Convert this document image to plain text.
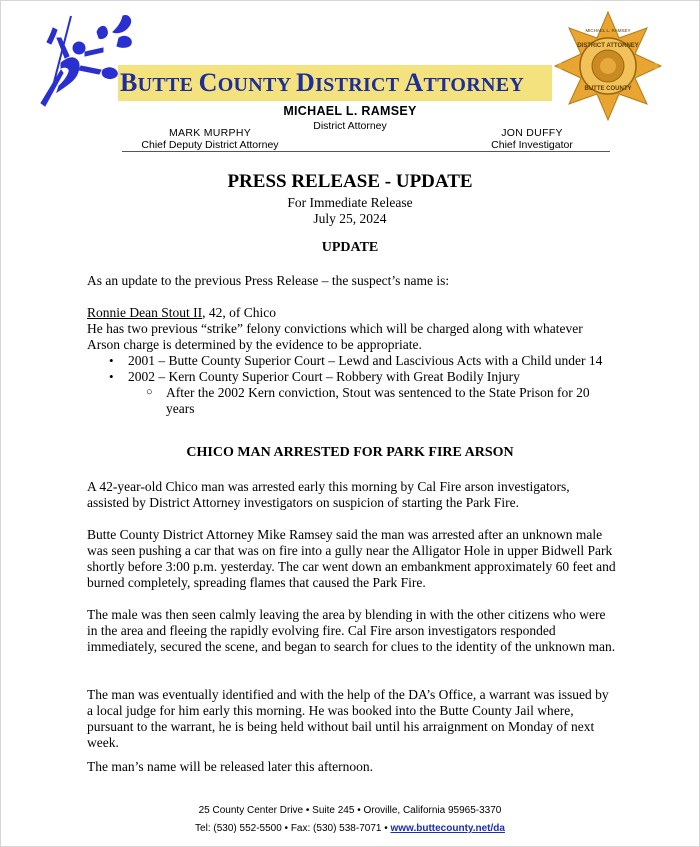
BUTTE COUNTY DISTRICT ATTORNEY
DISTRICT ATTORNEY
BUTTE COUNTY
MICHAEL L. RAMSEY
MICHAEL L. RAMSEY
District Attorney
MARK MURPHY
Chief Deputy District Attorney
JON DUFFY
Chief Investigator
PRESS RELEASE - UPDATE
For Immediate Release
July 25, 2024
UPDATE
As an update to the previous Press Release – the suspect’s name is:
Ronnie Dean Stout II, 42, of Chico
He has two previous “strike” felony convictions which will be charged along with whatever Arson charge is determined by the evidence to be appropriate.
• 2001 – Butte County Superior Court – Lewd and Lascivious Acts with a Child under 14
• 2002 – Kern County Superior Court – Robbery with Great Bodily Injury
○ After the 2002 Kern conviction, Stout was sentenced to the State Prison for 20 years
CHICO MAN ARRESTED FOR PARK FIRE ARSON
A 42-year-old Chico man was arrested early this morning by Cal Fire arson investigators, assisted by District Attorney investigators on suspicion of starting the Park Fire.
Butte County District Attorney Mike Ramsey said the man was arrested after an unknown male was seen pushing a car that was on fire into a gully near the Alligator Hole in upper Bidwell Park shortly before 3:00 p.m. yesterday. The car went down an embankment approximately 60 feet and burned completely, spreading flames that caused the Park Fire.
The male was then seen calmly leaving the area by blending in with the other citizens who were in the area and fleeing the rapidly evolving fire. Cal Fire arson investigators responded immediately, secured the scene, and began to search for clues to the identity of the unknown man.
The man was eventually identified and with the help of the DA’s Office, a warrant was issued by a local judge for him early this morning. He was booked into the Butte County Jail where, pursuant to the warrant, he is being held without bail until his arraignment on Monday of next week.
The man’s name will be released later this afternoon.
25 County Center Drive • Suite 245 • Oroville, California 95965-3370
Tel: (530) 552-5500 • Fax: (530) 538-7071 • www.buttecounty.net/da
